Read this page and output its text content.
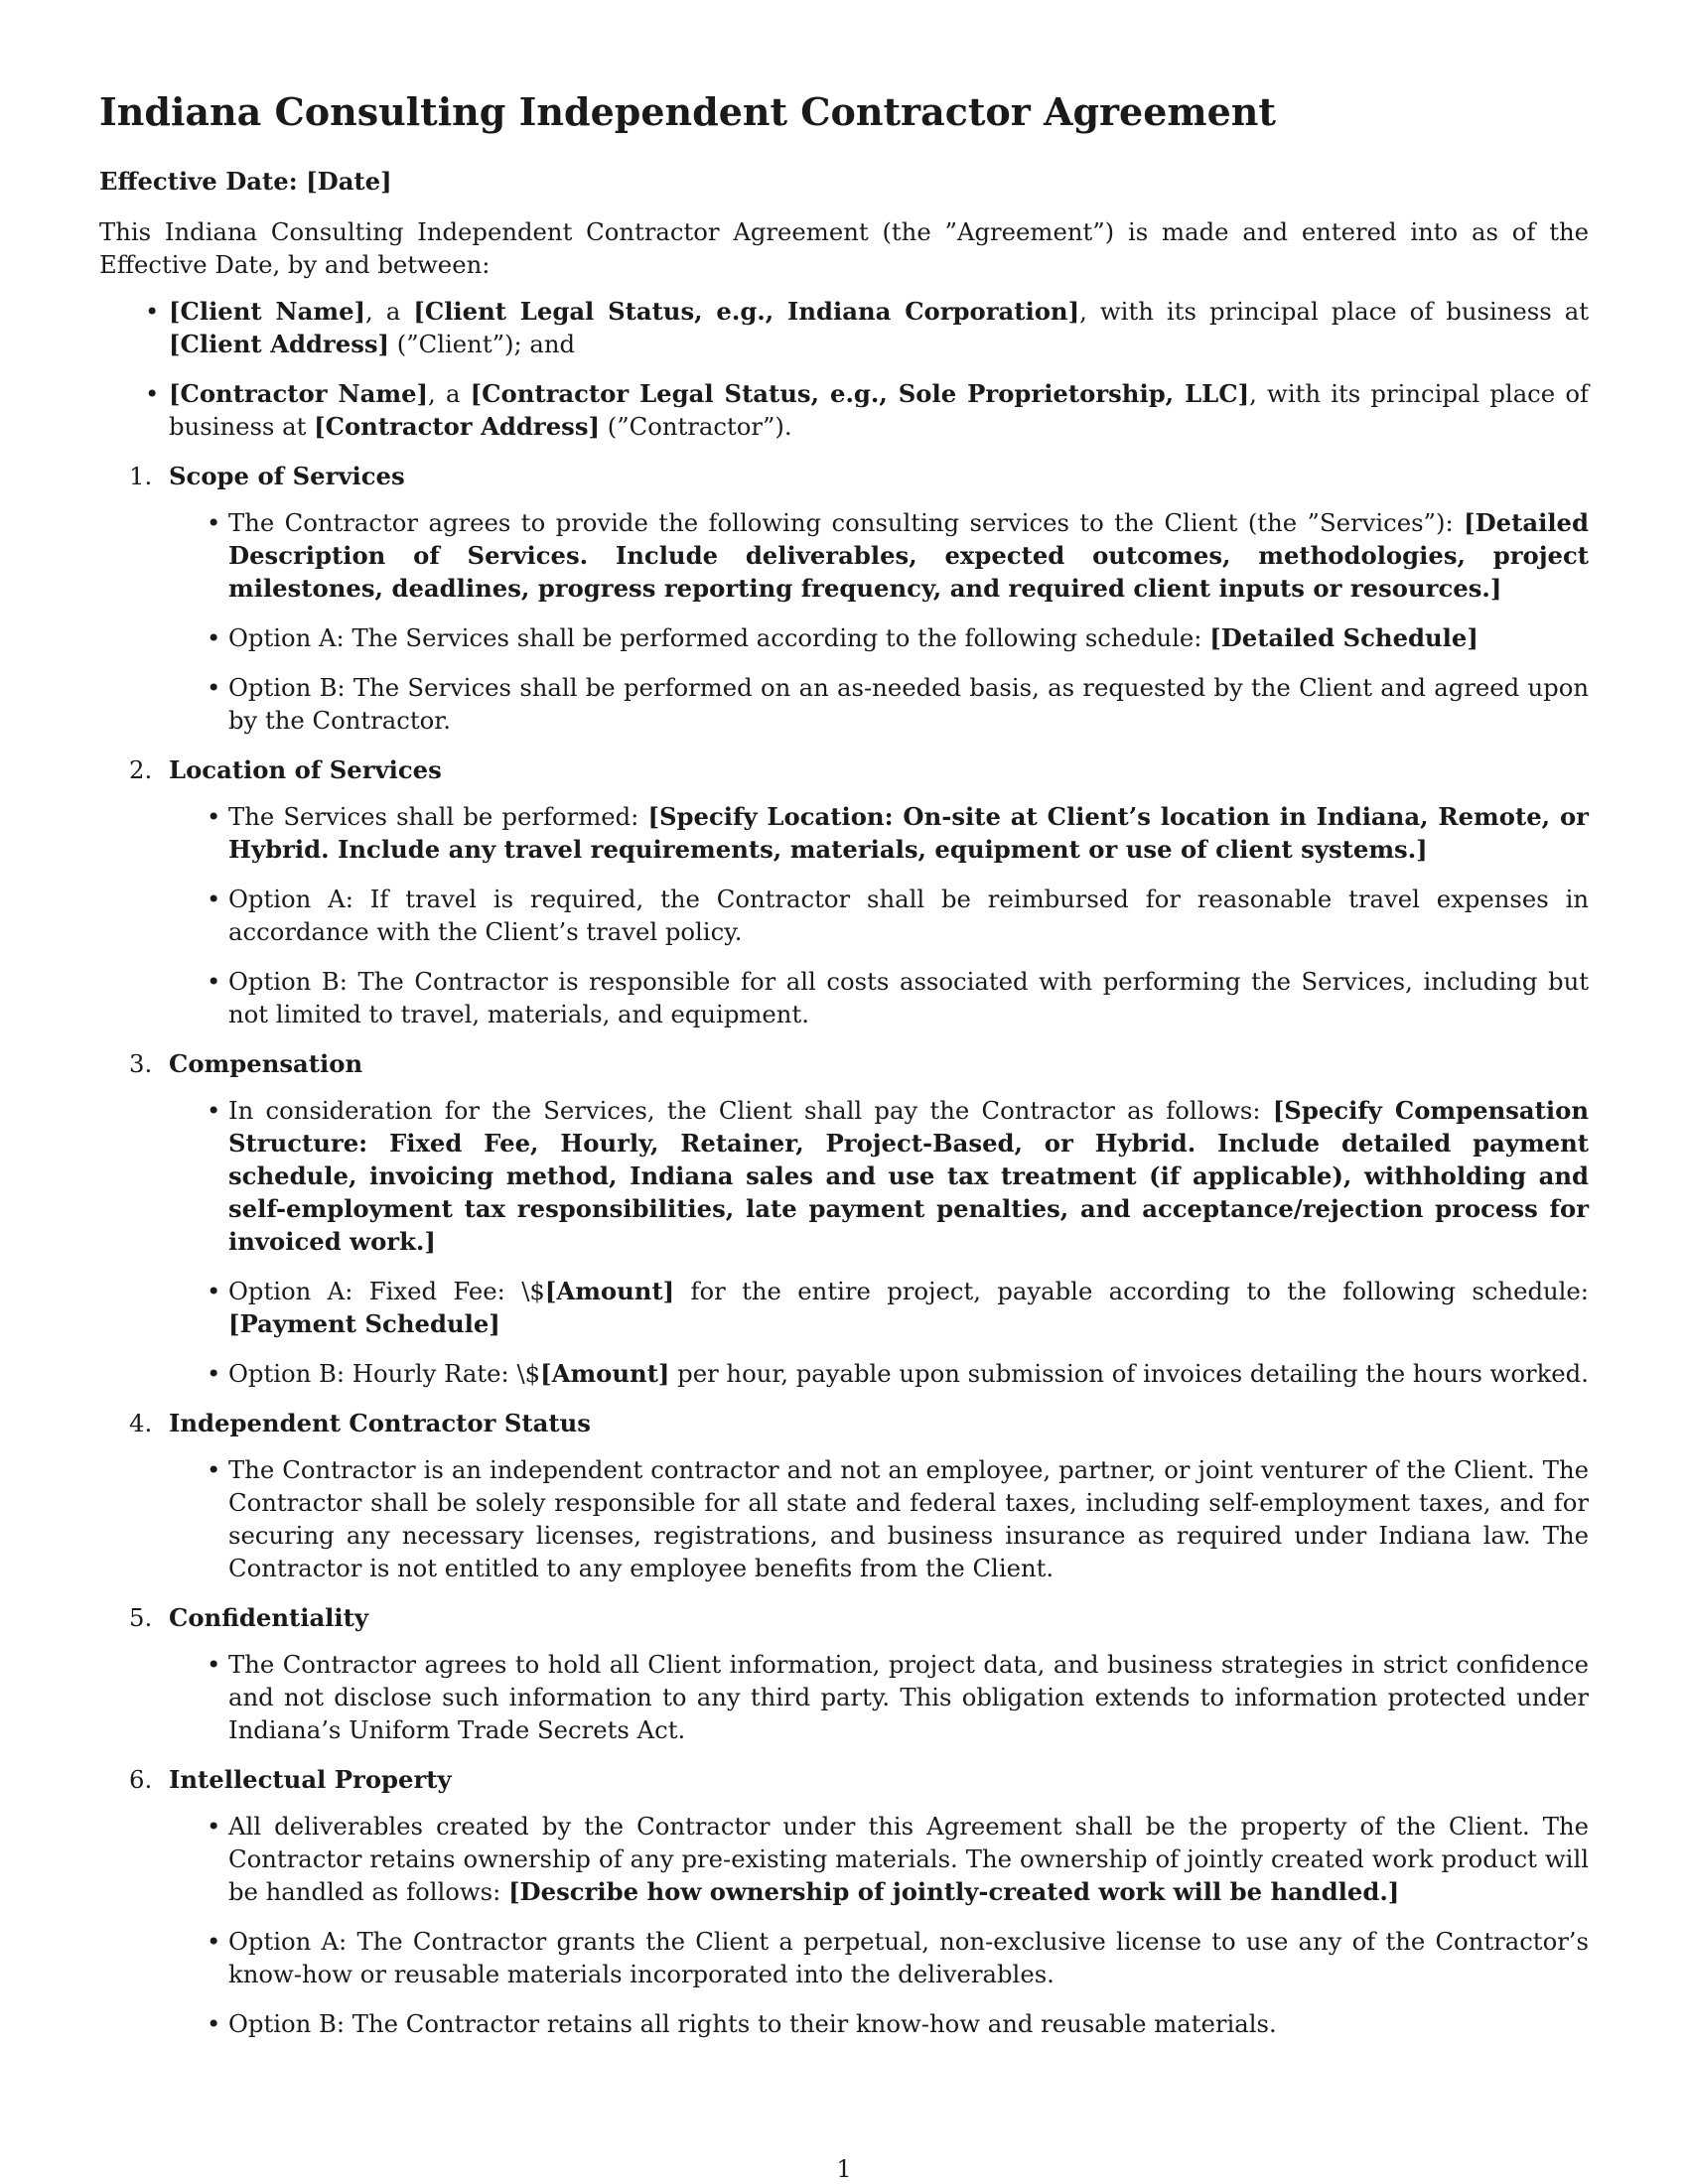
Indiana Consulting Independent Contractor Agreement
Effective Date: [Date]

This Indiana Consulting Independent Contractor Agreement (the ”Agreement”) is made and entered into as of the Effective Date, by and between:

• [Client Name], a [Client Legal Status, e.g., Indiana Corporation], with its principal place of business at [Client Address] (”Client”); and
• [Contractor Name], a [Contractor Legal Status, e.g., Sole Proprietorship, LLC], with its principal place of business at [Contractor Address] (”Contractor”).
1. Scope of Services
• The Contractor agrees to provide the following consulting services to the Client (the ”Services”): [Detailed Description of Services. Include deliverables, expected outcomes, methodologies, project milestones, deadlines, progress reporting frequency, and required client inputs or resources.]
• Option A: The Services shall be performed according to the following schedule: [Detailed Schedule]
• Option B: The Services shall be performed on an as-needed basis, as requested by the Client and agreed upon by the Contractor.
2. Location of Services
• The Services shall be performed: [Specify Location: On-site at Client’s location in Indiana, Remote, or Hybrid. Include any travel requirements, materials, equipment or use of client systems.]
• Option A: If travel is required, the Contractor shall be reimbursed for reasonable travel expenses in accordance with the Client’s travel policy.
• Option B: The Contractor is responsible for all costs associated with performing the Services, including but not limited to travel, materials, and equipment.
3. Compensation
• In consideration for the Services, the Client shall pay the Contractor as follows: [Specify Compensation Structure: Fixed Fee, Hourly, Retainer, Project-Based, or Hybrid. Include detailed payment schedule, invoicing method, Indiana sales and use tax treatment (if applicable), withholding and self-employment tax responsibilities, late payment penalties, and acceptance/rejection process for invoiced work.]
• Option A: Fixed Fee: \$[Amount] for the entire project, payable according to the following schedule: [Payment Schedule]
• Option B: Hourly Rate: \$[Amount] per hour, payable upon submission of invoices detailing the hours worked.
4. Independent Contractor Status
• The Contractor is an independent contractor and not an employee, partner, or joint venturer of the Client. The Contractor shall be solely responsible for all state and federal taxes, including self-employment taxes, and for securing any necessary licenses, registrations, and business insurance as required under Indiana law. The Contractor is not entitled to any employee benefits from the Client.
5. Confidentiality
• The Contractor agrees to hold all Client information, project data, and business strategies in strict confidence and not disclose such information to any third party. This obligation extends to information protected under Indiana’s Uniform Trade Secrets Act.
6. Intellectual Property
• All deliverables created by the Contractor under this Agreement shall be the property of the Client. The Contractor retains ownership of any pre-existing materials. The ownership of jointly created work product will be handled as follows: [Describe how ownership of jointly-created work will be handled.]
• Option A: The Contractor grants the Client a perpetual, non-exclusive license to use any of the Contractor’s know-how or reusable materials incorporated into the deliverables.
• Option B: The Contractor retains all rights to their know-how and reusable materials.
1
